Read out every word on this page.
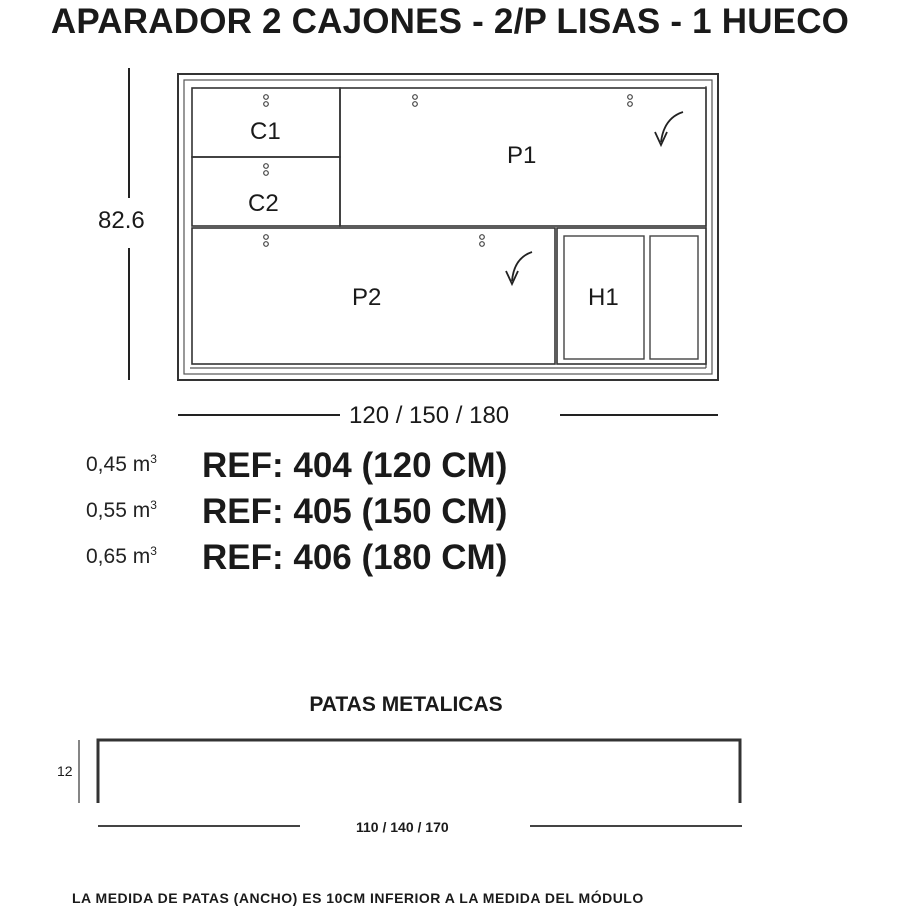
APARADOR 2 CAJONES - 2/P LISAS - 1 HUECO
82.6
C1
C2
P1
P2	H1
120 / 150 / 180
0,45 $m^3$ REF: 404 (120 CM)
0,55 $m^3$ REF: 405 (150 CM)
0,65 $m^3$ REF: 406 (180 CM)
PATAS METALICAS
12
110 / 140 / 170
LA MEDIDA DE PATAS (ANCHO) ES 10CM INFERIOR A LA MEDIDA DEL MÓDULO
